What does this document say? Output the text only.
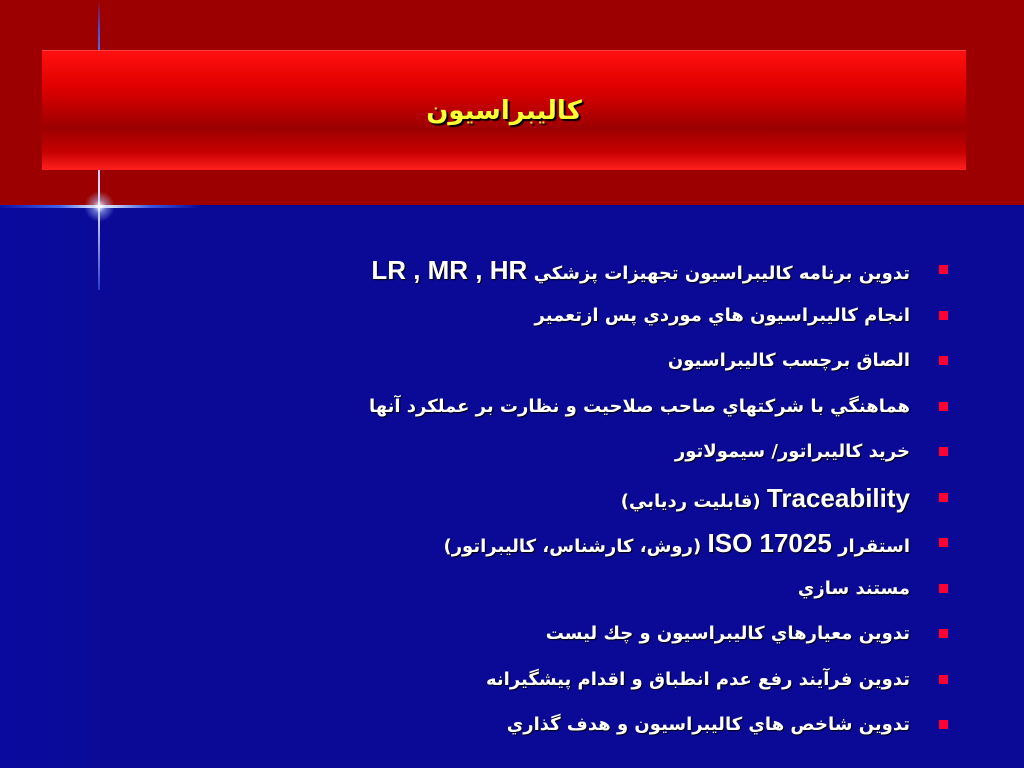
کاليبراسيون
تدوين برنامه کاليبراسيون تجهيزات پزشکي LR , MR , HR
انجام کاليبراسيون هاي موردي پس ازتعمير
الصاق برچسب کاليبراسيون
هماهنگي با شرکتهاي صاحب صلاحيت و نظارت بر عملکرد آنها
خريد کاليبراتور/ سيمولاتور
Traceability (قابليت ردیابي)
استقرار ISO 17025 (روش، کارشناس، کاليبراتور)
مستند سازي
تدوين معيارهاي کاليبراسيون و چك ليست
تدوين فرآيند رفع عدم انطباق و اقدام پيشگيرانه
تدوين شاخص هاي کاليبراسيون و هدف گذاري
